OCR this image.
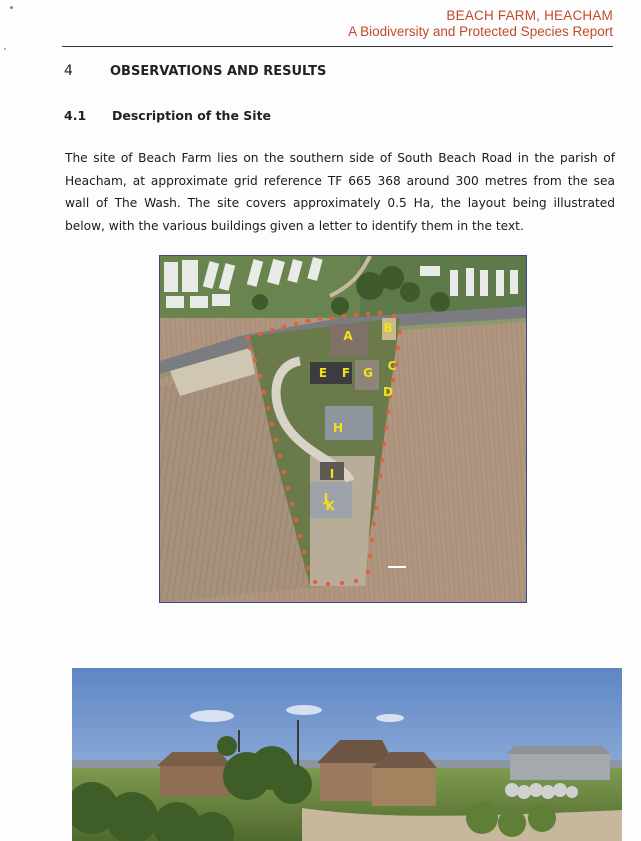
BEACH FARM, HEACHAM
A Biodiversity and Protected Species Report
4	OBSERVATIONS AND RESULTS
4.1	Description of the Site

The site of Beach Farm lies on the southern side of South Beach Road in the parish of Heacham, at approximate grid reference TF 665 368 around 300 metres from the sea wall of The Wash. The site covers approximately 0.5 Ha, the layout being illustrated below, with the various buildings given a letter to identify them in the text.

A
B
C
D
E F G
H
I
J
K
